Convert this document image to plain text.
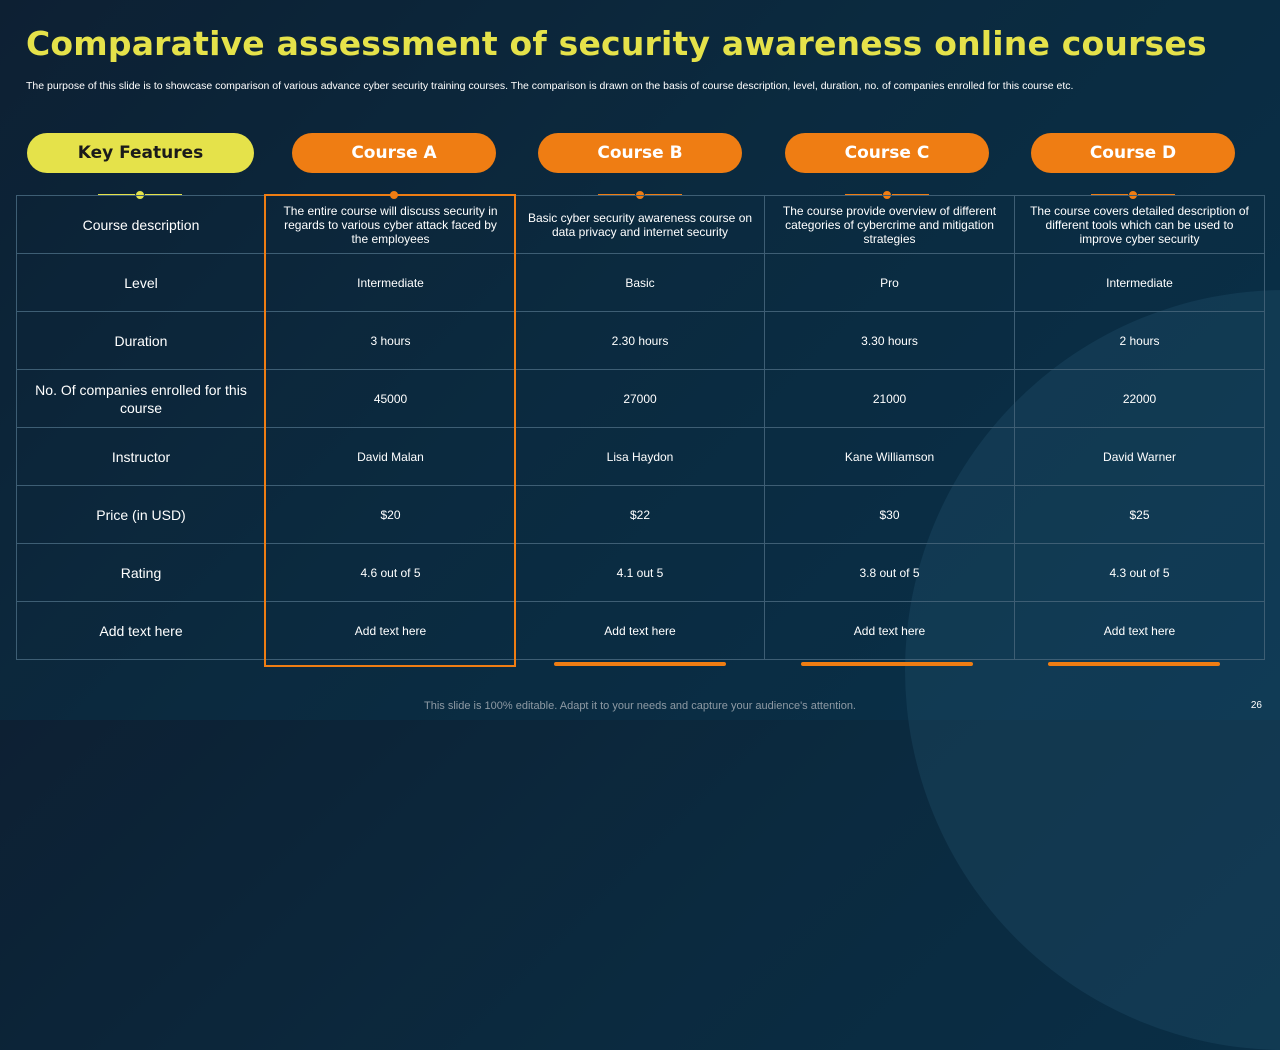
Comparative assessment of security awareness online courses

The purpose of this slide is to showcase comparison of various advance cyber security training courses. The comparison is drawn on the basis of course description, level, duration, no. of companies enrolled for this course etc.

Key Features	Course A	Course B	Course C	Course D
Course description	The entire course will discuss security in regards to various cyber attack faced by the employees	Basic cyber security awareness course on data privacy and internet security	The course provide overview of different categories of cybercrime and mitigation strategies	The course covers detailed description of different tools which can be used to improve cyber security
Level	Intermediate	Basic	Pro	Intermediate
Duration	3 hours	2.30 hours	3.30 hours	2 hours
No. Of companies enrolled for this course	45000	27000	21000	22000
Instructor	David Malan	Lisa Haydon	Kane Williamson	David Warner
Price (in USD)	$20	$22	$30	$25
Rating	4.6 out of 5	4.1 out 5	3.8 out of 5	4.3 out of 5
Add text here	Add text here	Add text here	Add text here	Add text here
This slide is 100% editable. Adapt it to your needs and capture your audience's attention.	26
